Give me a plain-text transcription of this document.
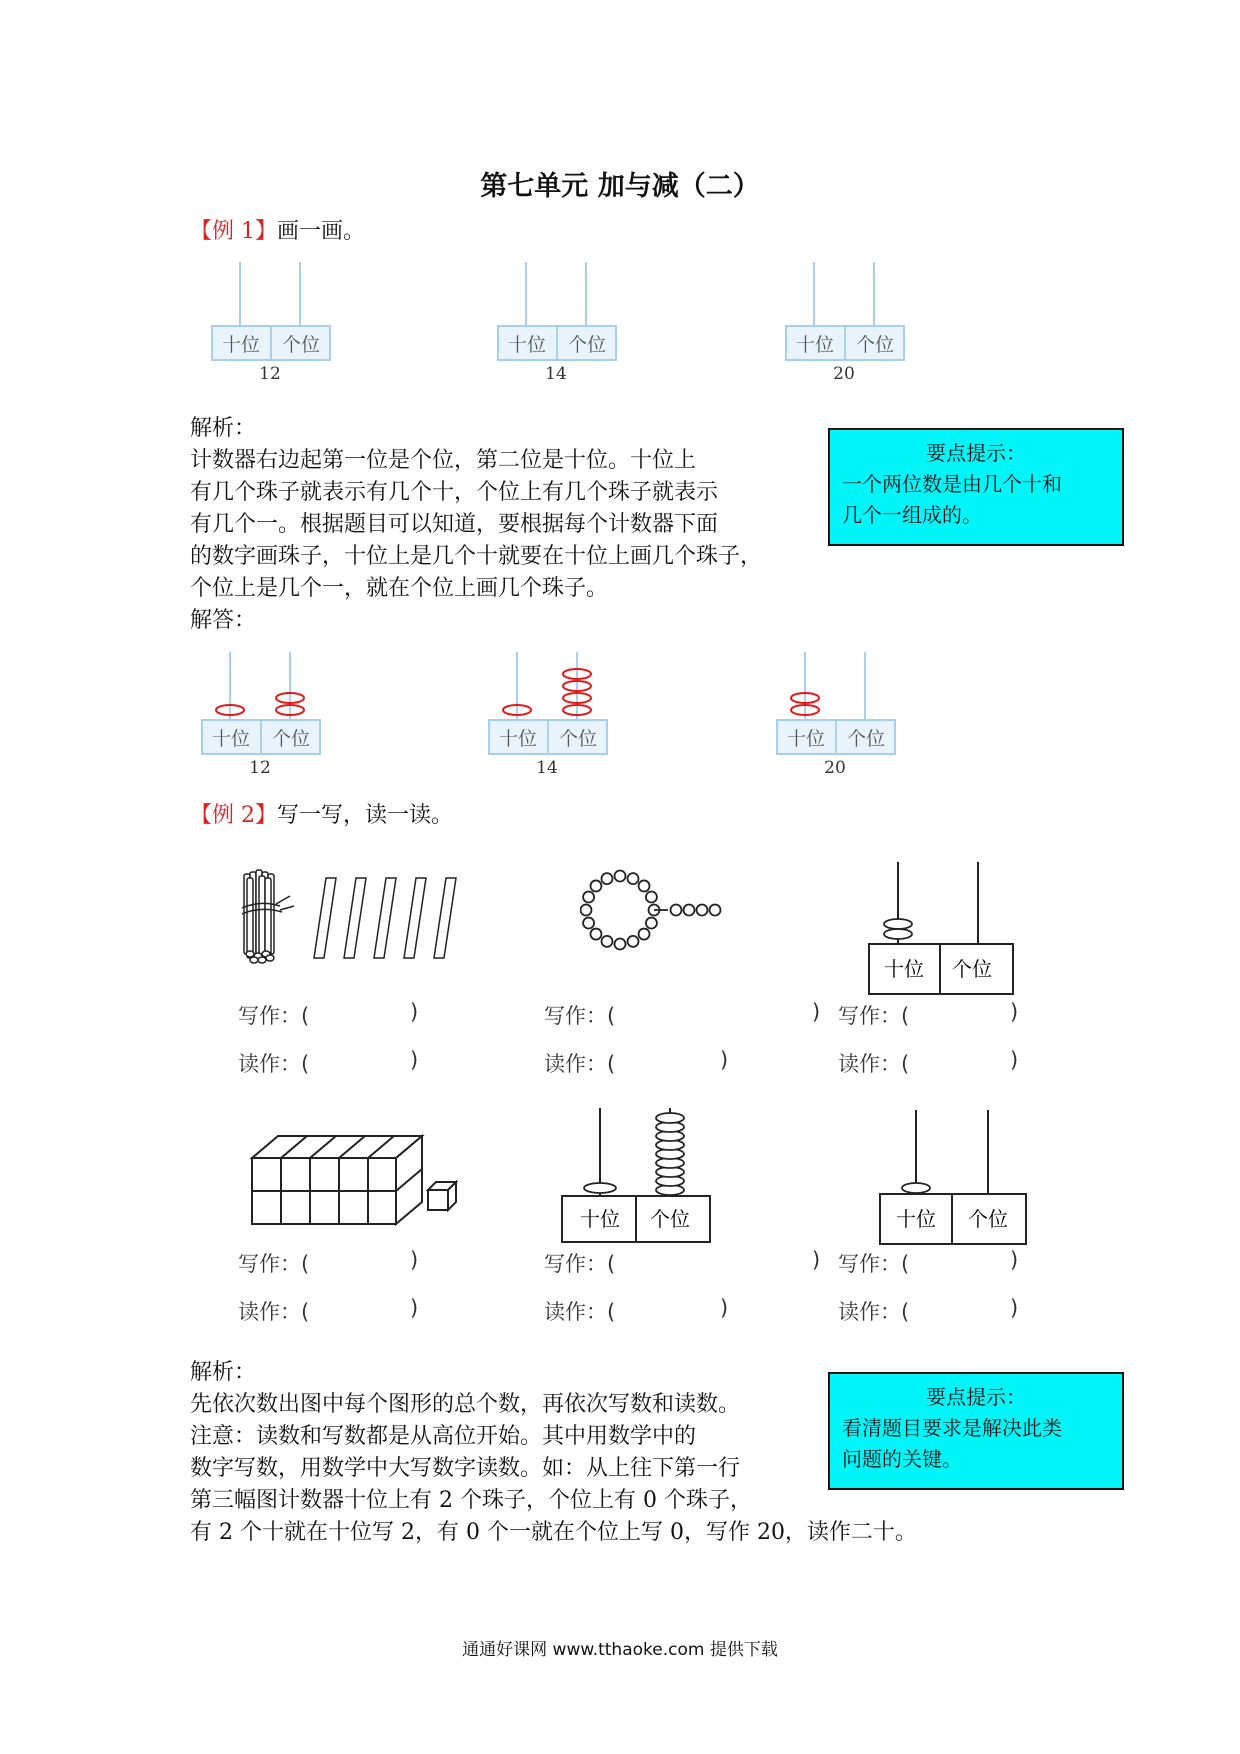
第七单元 加与减（二）
【例 1】画一画。
十位 个位	十位 个位	十位 个位
12	14	20
解析：
计数器右边起第一位是个位，第二位是十位。十位上
有几个珠子就表示有几个十，个位上有几个珠子就表示
有几个一。根据题目可以知道，要根据每个计数器下面
的数字画珠子，十位上是几个十就要在十位上画几个珠子，
个位上是几个一，就在个位上画几个珠子。
解答：
要点提示：
一个两位数是由几个十和
几个一组成的。
十位 个位	十位 个位	十位 个位
12	14	20
【例 2】写一写，读一读。
十位 个位
十位 个位	十位 个位
解析：
先依次数出图中每个图形的总个数，再依次写数和读数。
注意：读数和写数都是从高位开始。其中用数学中的
数字写数，用数学中大写数字读数。如：从上往下第一行
第三幅图计数器十位上有 2 个珠子，个位上有 0 个珠子，
有 2 个十就在十位写 2，有 0 个一就在个位上写 0，写作 20，读作二十。
要点提示：
看清题目要求是解决此类
问题的关键。
通通好课网 www.tthaoke.com 提供下载
写作：(	)	写作：(	) 写作：(	)
读作：(	)	读作：(	)	读作：(	)
写作：(	)	写作：(	) 写作：(	)
读作：(	)	读作：(	)	读作：(	)
